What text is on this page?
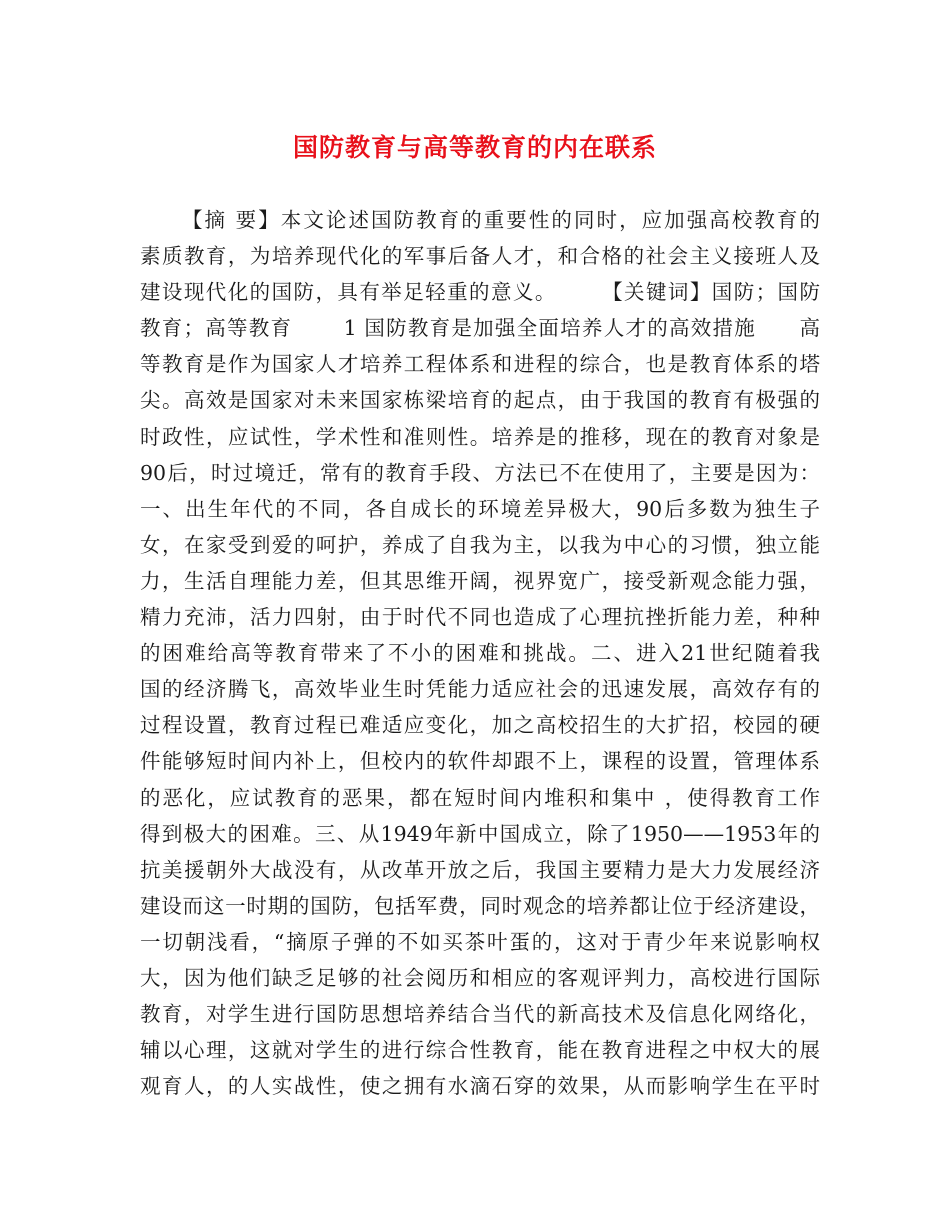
国防教育与高等教育的内在联系
【摘 要】本文论述国防教育的重要性的同时，应加强高校教育的
素质教育，为培养现代化的军事后备人才，和合格的社会主义接班人及
建设现代化的国防，具有举足轻重的意义。　　　【关键词】国防；国防
教育；高等教育　　 1 国防教育是加强全面培养人才的高效措施　　高
等教育是作为国家人才培养工程体系和进程的综合，也是教育体系的塔
尖。高效是国家对未来国家栋梁培育的起点，由于我国的教育有极强的
时政性，应试性，学术性和准则性。培养是的推移，现在的教育对象是
90后，时过境迁，常有的教育手段、方法已不在使用了，主要是因为：
一、出生年代的不同，各自成长的环境差异极大，90后多数为独生子
女，在家受到爱的呵护，养成了自我为主，以我为中心的习惯，独立能
力，生活自理能力差，但其思维开阔，视界宽广，接受新观念能力强，
精力充沛，活力四射，由于时代不同也造成了心理抗挫折能力差，种种
的困难给高等教育带来了不小的困难和挑战。二、进入21世纪随着我
国的经济腾飞，高效毕业生时凭能力适应社会的迅速发展，高效存有的
过程设置，教育过程已难适应变化，加之高校招生的大扩招，校园的硬
件能够短时间内补上，但校内的软件却跟不上，课程的设置，管理体系
的恶化，应试教育的恶果，都在短时间内堆积和集中 ，使得教育工作
得到极大的困难。三、从1949年新中国成立，除了1950——1953年的
抗美援朝外大战没有，从改革开放之后，我国主要精力是大力发展经济
建设而这一时期的国防，包括军费，同时观念的培养都让位于经济建设，
一切朝浅看，“摘原子弹的不如买茶叶蛋的，这对于青少年来说影响权
大，因为他们缺乏足够的社会阅历和相应的客观评判力，高校进行国际
教育，对学生进行国防思想培养结合当代的新高技术及信息化网络化，
辅以心理，这就对学生的进行综合性教育，能在教育进程之中权大的展
观育人，的人实战性，使之拥有水滴石穿的效果，从而影响学生在平时
